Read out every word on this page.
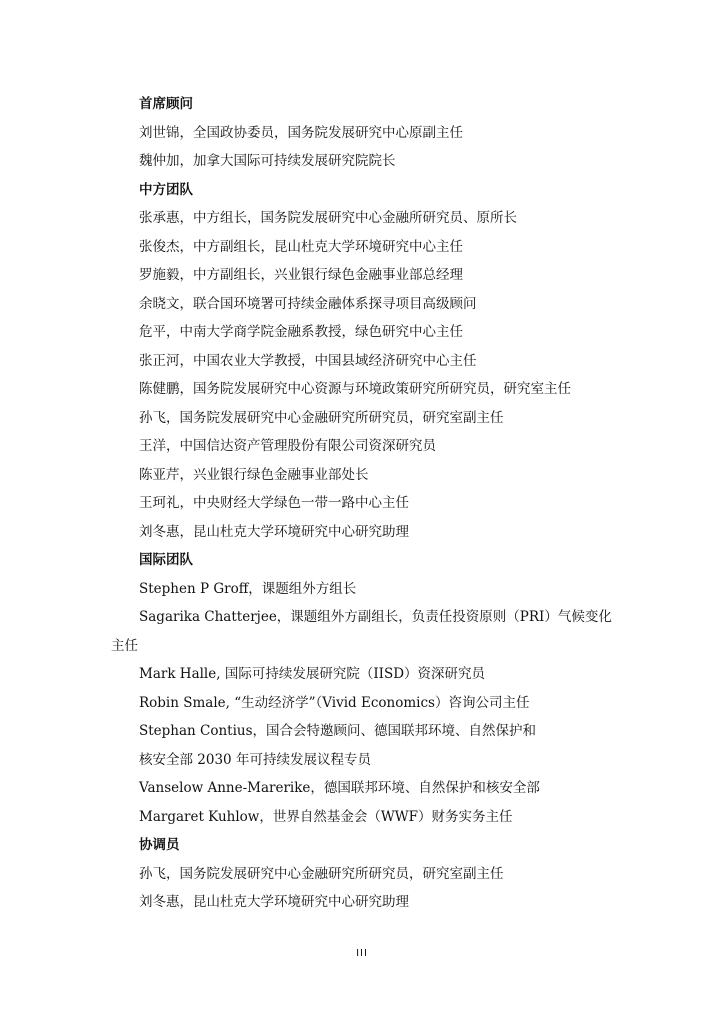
首席顾问
刘世锦，全国政协委员，国务院发展研究中心原副主任
魏仲加，加拿大国际可持续发展研究院院长
中方团队
张承惠，中方组长，国务院发展研究中心金融所研究员、原所长
张俊杰，中方副组长，昆山杜克大学环境研究中心主任
罗施毅，中方副组长，兴业银行绿色金融事业部总经理
余晓文，联合国环境署可持续金融体系探寻项目高级顾问
危平，中南大学商学院金融系教授，绿色研究中心主任
张正河，中国农业大学教授，中国县域经济研究中心主任
陈健鹏，国务院发展研究中心资源与环境政策研究所研究员，研究室主任
孙飞，国务院发展研究中心金融研究所研究员，研究室副主任
王洋，中国信达资产管理股份有限公司资深研究员
陈亚芹，兴业银行绿色金融事业部处长
王珂礼，中央财经大学绿色一带一路中心主任
刘冬惠，昆山杜克大学环境研究中心研究助理
国际团队
Stephen P Groff，课题组外方组长
Sagarika Chatterjee，课题组外方副组长，负责任投资原则（PRI）气候变化
主任
Mark Halle, 国际可持续发展研究院（IISD）资深研究员
Robin Smale, “生动经济学”（Vivid Economics）咨询公司主任
Stephan Contius，国合会特邀顾问、德国联邦环境、自然保护和
核安全部 2030 年可持续发展议程专员
Vanselow Anne-Marerike，德国联邦环境、自然保护和核安全部
Margaret Kuhlow，世界自然基金会（WWF）财务实务主任
协调员
孙飞，国务院发展研究中心金融研究所研究员，研究室副主任
刘冬惠，昆山杜克大学环境研究中心研究助理
III
